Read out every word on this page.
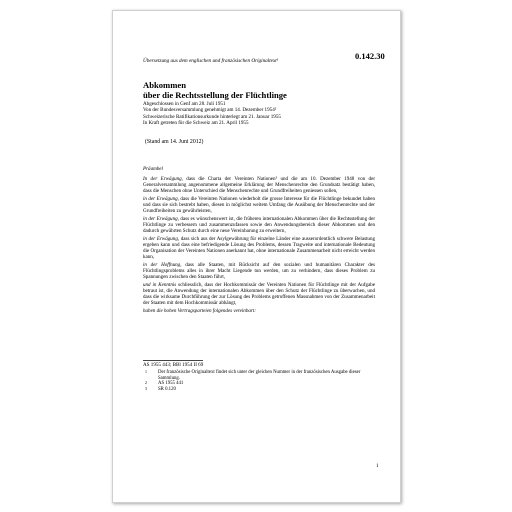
Übersetzung aus dem englischen und französischen Originaltext¹	0.142.30
Abkommen
über die Rechtsstellung der Flüchtlinge
Abgeschlossen in Genf am 28. Juli 1951
Von der Bundesversammlung genehmigt am 14. Dezember 1954²
Schweizerische Ratifikationsurkunde hinterlegt am 21. Januar 1955
In Kraft getreten für die Schweiz am 21. April 1955
(Stand am 14. Juni 2012)

Präambel

In der Erwägung, dass die Charta der Vereinten Nationen³ und die am 10. Dezember 1948 von der Generalversammlung angenommene allgemeine Erklärung der Menschenrechte den Grundsatz bestätigt haben, dass die Menschen ohne Unterschied die Menschenrechte und Grundfreiheiten geniessen sollen,

in der Erwägung, dass die Vereinten Nationen wiederholt die grosse Interesse für die Flüchtlinge bekundet haben und dass sie sich bestrebt haben, diesen in möglichst weitem Umfang die Ausübung der Menschenrechte und der Grundfreiheiten zu gewährleisten,

in der Erwägung, dass es wünschenswert ist, die früheren internationalen Abkommen über die Rechtsstellung der Flüchtlinge zu verbessern und zusammenzufassen sowie den Anwendungsbereich dieser Abkommen und den dadurch gewährten Schutz durch eine neue Vereinbarung zu erweitern,

in der Erwägung, dass sich aus der Asylgewährung für einzelne Länder eine ausserordentlich schwere Belastung ergeben kann und dass eine befriedigende Lösung des Problems, dessen Tragweite und internationale Bedeutung die Organisation der Vereinten Nationen anerkannt hat, ohne internationale Zusammenarbeit nicht erreicht werden kann,

in der Hoffnung, dass alle Staaten, mit Rücksicht auf den sozialen und humanitären Charakter des Flüchtlingsproblems alles in ihrer Macht Liegende tun werden, um zu verhindern, dass dieses Problem zu Spannungen zwischen den Staaten führt,

und in Kenntnis schliesslich, dass der Hochkommissär der Vereinten Nationen für Flüchtlinge mit der Aufgabe betraut ist, die Anwendung der internationalen Abkommen über den Schutz der Flüchtlinge zu überwachen, und dass die wirksame Durchführung der zur Lösung des Problems getroffenen Massnahmen von der Zusammenarbeit der Staaten mit dem Hochkommissär abhängt,

haben die hohen Vertragsparteien folgendes vereinbart:

AS 1955 443; BBl 1954 II 69
1 Der französische Originaltext findet sich unter der gleichen Nummer in der französischen Ausgabe dieser Sammlung.
2 AS 1955 441
3 SR 0.120
1
